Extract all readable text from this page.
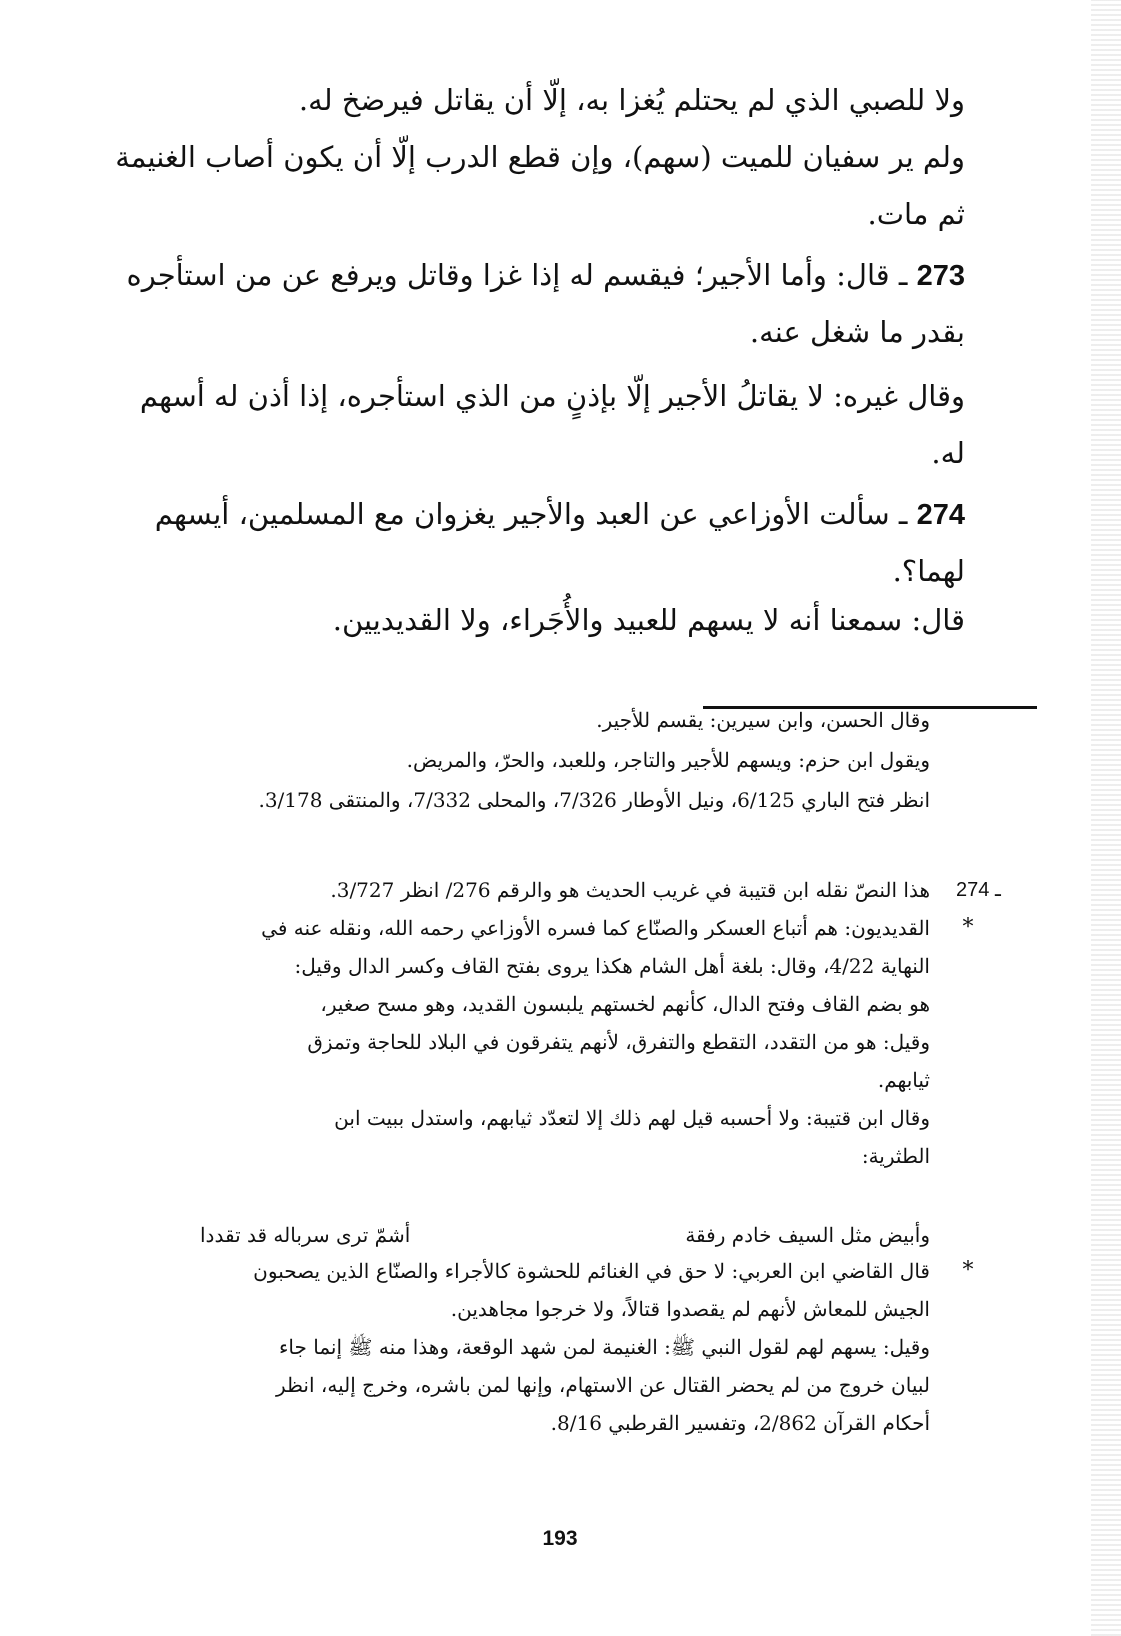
ولا للصبي الذي لم يحتلم يُغزا به، إلّا أن يقاتل فيرضخ له.
ولم ير سفيان للميت (سهم)، وإن قطع الدرب إلّا أن يكون أصاب الغنيمة
ثم مات.
273 ـ قال: وأما الأجير؛ فيقسم له إذا غزا وقاتل ويرفع عن من استأجره
بقدر ما شغل عنه.
وقال غيره: لا يقاتلُ الأجير إلّا بإذنٍ من الذي استأجره، إذا أذن له أسهم
له.
274 ـ سألت الأوزاعي عن العبد والأجير يغزوان مع المسلمين، أيسهم
لهما؟.
قال: سمعنا أنه لا يسهم للعبيد والأُجَراء، ولا القديديين.
وقال الحسن، وابن سيرين: يقسم للأجير.
ويقول ابن حزم: ويسهم للأجير والتاجر، وللعبد، والحرّ، والمريض.
انظر فتح الباري 6/125، ونيل الأوطار 7/326، والمحلى 7/332، والمنتقى 3/178.
274 ـ
هذا النصّ نقله ابن قتيبة في غريب الحديث هو والرقم 276/ انظر 3/727.
*
القديديون: هم أتباع العسكر والصنّاع كما فسره الأوزاعي رحمه الله، ونقله عنه في
النهاية 4/22، وقال: بلغة أهل الشام هكذا يروى بفتح القاف وكسر الدال وقيل:
هو بضم القاف وفتح الدال، كأنهم لخستهم يلبسون القديد، وهو مسح صغير،
وقيل: هو من التقدد، التقطع والتفرق، لأنهم يتفرقون في البلاد للحاجة وتمزق
ثيابهم.
وقال ابن قتيبة: ولا أحسبه قيل لهم ذلك إلا لتعدّد ثيابهم، واستدل ببيت ابن
الطثرية:
وأبيض مثل السيف خادم رفقة
أشمّ ترى سرباله قد تقددا
*
قال القاضي ابن العربي: لا حق في الغنائم للحشوة كالأجراء والصنّاع الذين يصحبون
الجيش للمعاش لأنهم لم يقصدوا قتالاً، ولا خرجوا مجاهدين.
وقيل: يسهم لهم لقول النبي ﷺ: الغنيمة لمن شهد الوقعة، وهذا منه ﷺ إنما جاء
لبيان خروج من لم يحضر القتال عن الاستهام، وإنها لمن باشره، وخرج إليه، انظر
أحكام القرآن 2/862، وتفسير القرطبي 8/16.
193
